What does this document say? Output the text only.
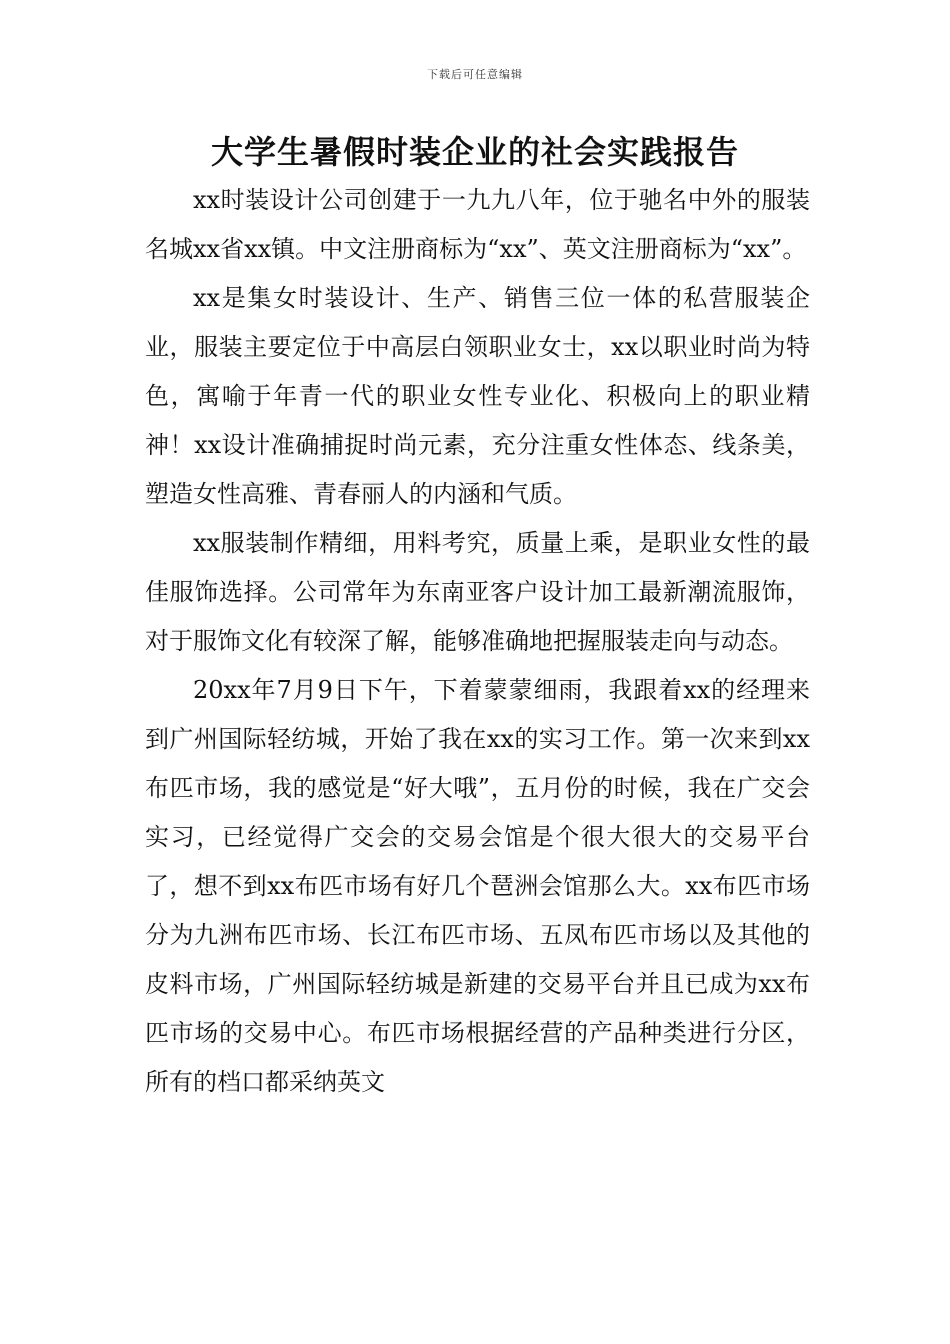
下载后可任意编辑
大学生暑假时装企业的社会实践报告

xx时装设计公司创建于一九九八年，位于驰名中外的服装名城xx省xx镇。中文注册商标为“xx”、英文注册商标为“xx”。

xx是集女时装设计、生产、销售三位一体的私营服装企业，服装主要定位于中高层白领职业女士，xx以职业时尚为特色，寓喻于年青一代的职业女性专业化、积极向上的职业精神！xx设计准确捕捉时尚元素，充分注重女性体态、线条美，塑造女性高雅、青春丽人的内涵和气质。

xx服装制作精细，用料考究，质量上乘，是职业女性的最佳服饰选择。公司常年为东南亚客户设计加工最新潮流服饰，对于服饰文化有较深了解，能够准确地把握服装走向与动态。

20xx年7月9日下午，下着蒙蒙细雨，我跟着xx的经理来到广州国际轻纺城，开始了我在xx的实习工作。第一次来到xx布匹市场，我的感觉是“好大哦”，五月份的时候，我在广交会实习，已经觉得广交会的交易会馆是个很大很大的交易平台了，想不到xx布匹市场有好几个琶洲会馆那么大。xx布匹市场分为九洲布匹市场、长江布匹市场、五凤布匹市场以及其他的皮料市场，广州国际轻纺城是新建的交易平台并且已成为xx布匹市场的交易中心。布匹市场根据经营的产品种类进行分区，所有的档口都采纳英文
